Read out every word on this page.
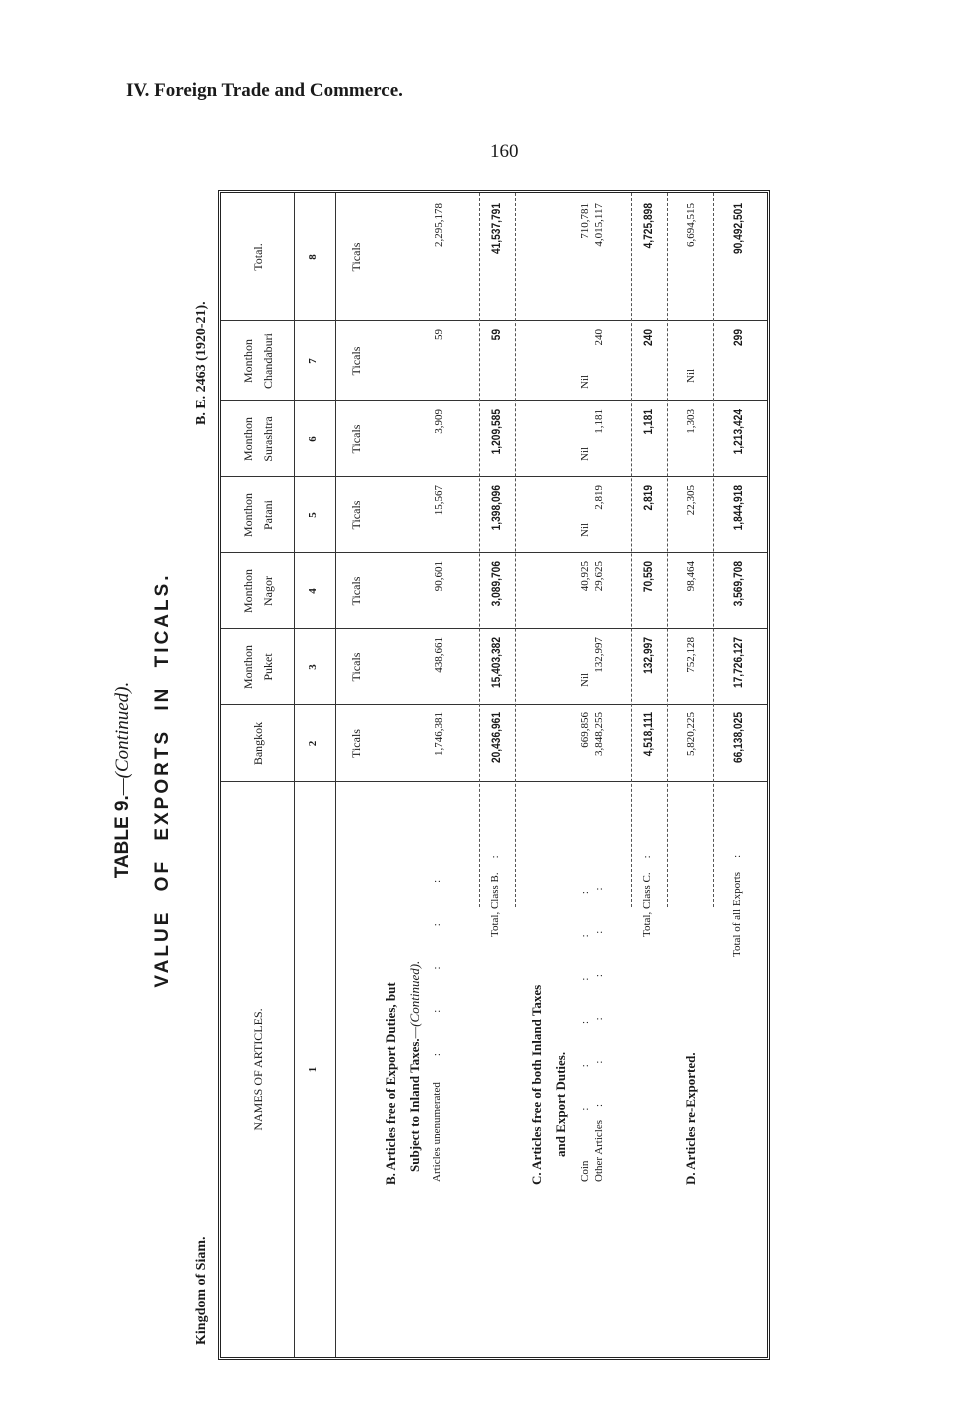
IV. Foreign Trade and Commerce.
160
TABLE 9.—(Continued). VALUE OF EXPORTS IN TICALS.
Kingdom of Siam.
B. E. 2463 (1920-21).
NAMES OF ARTICLES.
Bangkok
Monthon Puket
Monthon Nagor
Monthon Patani
Monthon Surashtra
Monthon Chandaburi
Total.
1
2
3
4
5
6
7
8
Ticals
Ticals
Ticals
Ticals
Ticals
Ticals
Ticals
B. Articles free of Export Duties, but Subject to Inland Taxes.—(Continued).
Articles unenumerated:   :   :   :   :
1,746,381
438,661
90,601
15,567
3,909
59
2,295,178
Total, Class B.:
20,436,961
15,403,382
3,089,706
1,398,096
1,209,585
59
41,537,791
C. Articles free of both Inland Taxes and Export Duties.
Coin:   :   :   :   :   :
Other Articles:   :   :   :   :   :
669,856 3,848,255
Nil
132,997
40,925 29,625
Nil
2,819
Nil
1,181
Nil
240
710,781 4,015,117
Total, Class C.:
4,518,111
132,997
70,550
2,819
1,181
240
4,725,898
D. Articles re-Exported.
5,820,225
752,128
98,464
22,305
1,303
Nil
6,694,515
Total of all Exports:
66,138,025
17,726,127
3,569,708
1,844,918
1,213,424
299
90,492,501
